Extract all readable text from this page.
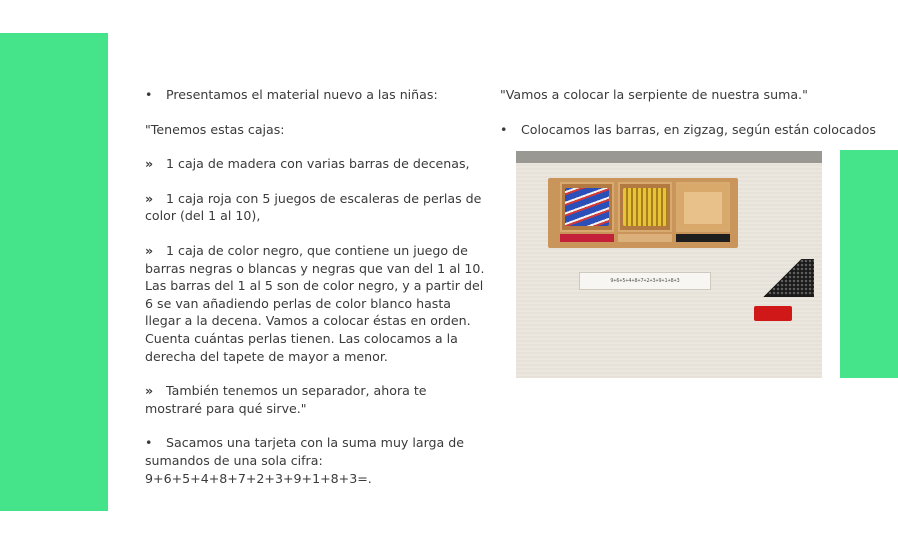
• Presentamos el material nuevo a las niñas:

"Tenemos estas cajas:

» 1 caja de madera con varias barras de decenas,

» 1 caja roja con 5 juegos de escaleras de perlas de color (del 1 al 10),

» 1 caja de color negro, que contiene un juego de barras negras o blancas y negras que van del 1 al 10. Las barras del 1 al 5 son de color negro, y a partir del 6 se van añadiendo perlas de color blanco hasta llegar a la decena. Vamos a colocar éstas en orden. Cuenta cuántas perlas tienen. Las colocamos a la derecha del tapete de mayor a menor.

» También tenemos un separador, ahora te mostraré para qué sirve."

• Sacamos una tarjeta con la suma muy larga de sumandos de una sola cifra: 9+6+5+4+8+7+2+3+9+1+8+3=.

"Vamos a colocar la serpiente de nuestra suma."

• Colocamos las barras, en zigzag, según están colocados

9+6+5+4+8+7+2+3+9+1+8+3
